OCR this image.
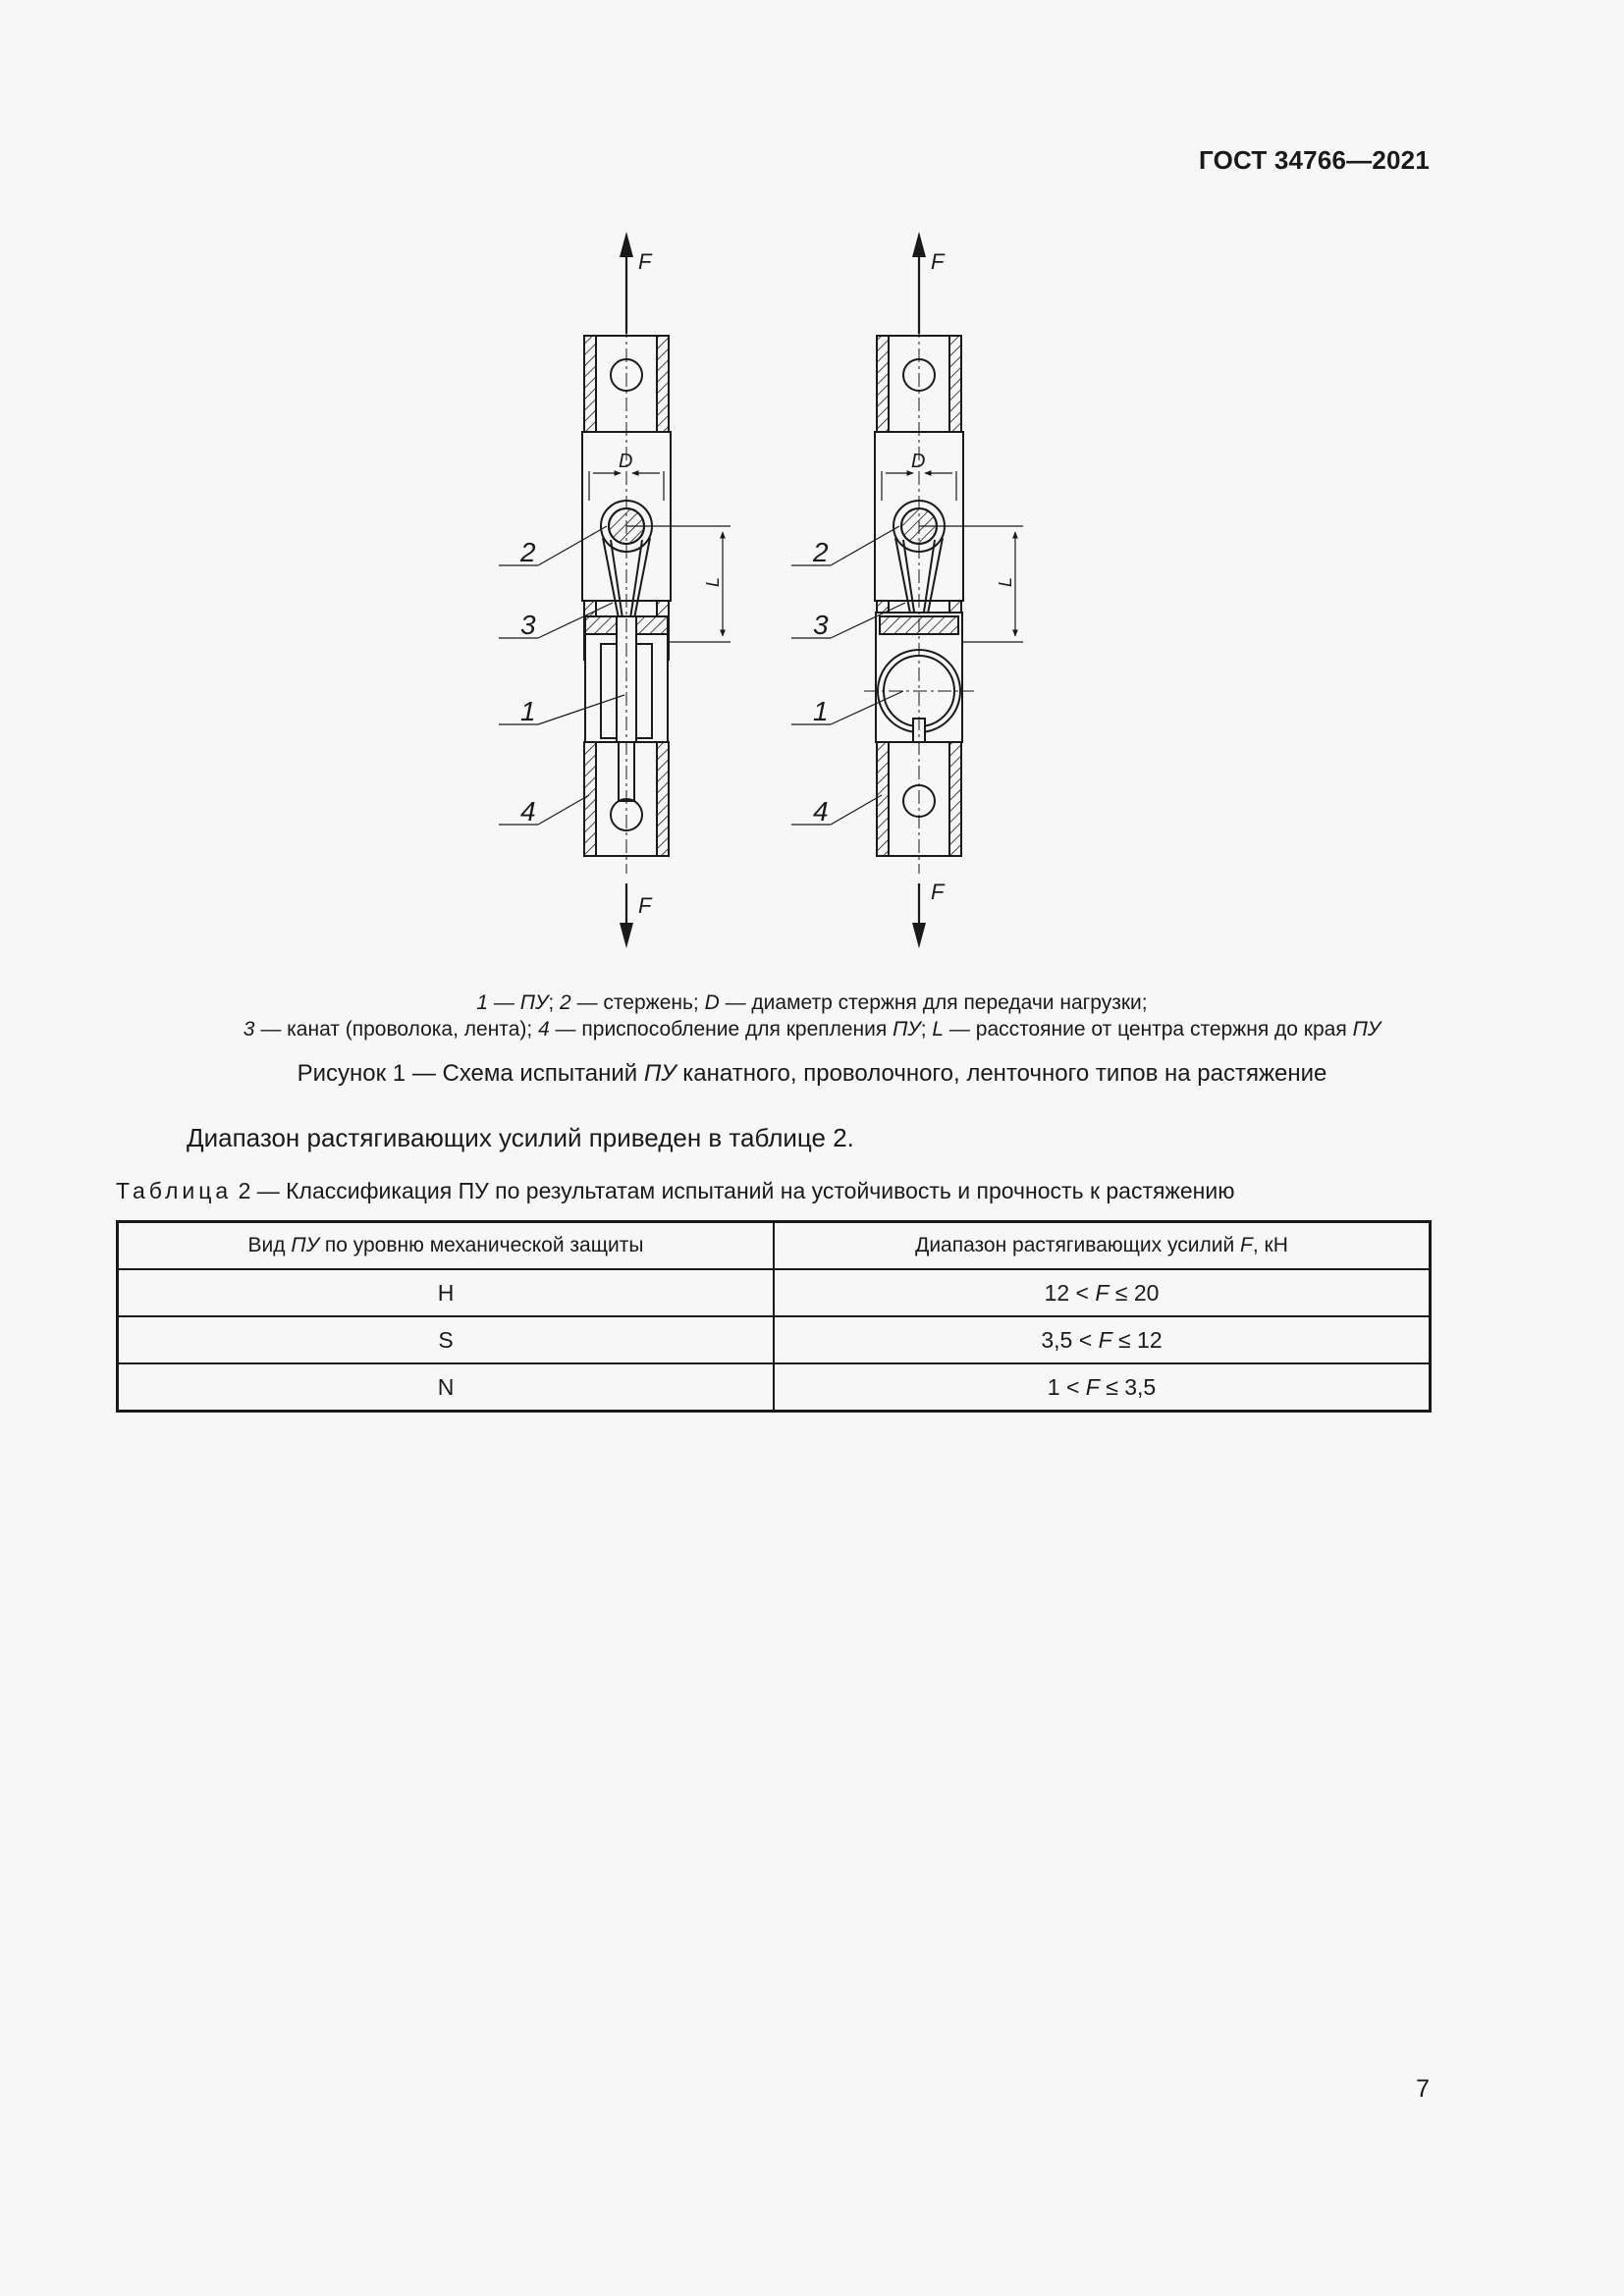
ГОСТ 34766—2021
F
F
D
L
2
3
1
4
F
F
D
L
2
3
1
4
1 — ПУ; 2 — стержень; D — диаметр стержня для передачи нагрузки;
3 — канат (проволока, лента); 4 — приспособление для крепления ПУ; L — расстояние от центра стержня до края ПУ
Рисунок 1 — Схема испытаний ПУ канатного, проволочного, ленточного типов на растяжение
Диапазон растягивающих усилий приведен в таблице 2.
Таблица 2 — Классификация ПУ по результатам испытаний на устойчивость и прочность к растяжению
Вид ПУ по уровню механической защиты	Диапазон растягивающих усилий F, кН
H	12 < F ≤ 20
S	3,5 < F ≤ 12
N	1 < F ≤ 3,5
7
